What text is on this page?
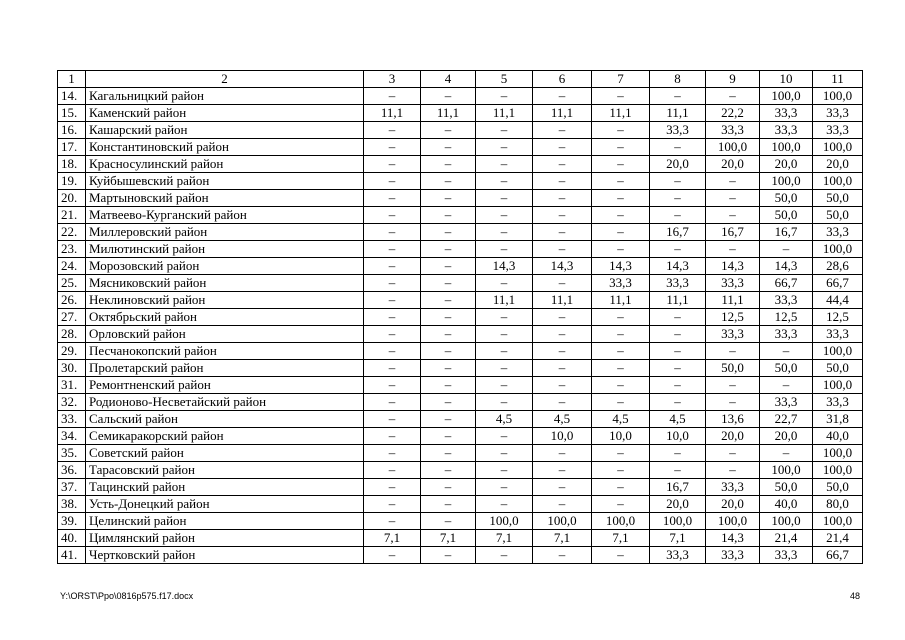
1	2	3	4	5	6	7	8	9	10	11
14.	Кагальницкий район	–	–	–	–	–	–	–	100,0	100,0
15.	Каменский район	11,1	11,1	11,1	11,1	11,1	11,1	22,2	33,3	33,3
16.	Кашарский район	–	–	–	–	–	33,3	33,3	33,3	33,3
17.	Константиновский район	–	–	–	–	–	–	100,0	100,0	100,0
18.	Красносулинский район	–	–	–	–	–	20,0	20,0	20,0	20,0
19.	Куйбышевский район	–	–	–	–	–	–	–	100,0	100,0
20.	Мартыновский район	–	–	–	–	–	–	–	50,0	50,0
21.	Матвеево-Курганский район	–	–	–	–	–	–	–	50,0	50,0
22.	Миллеровский район	–	–	–	–	–	16,7	16,7	16,7	33,3
23.	Милютинский район	–	–	–	–	–	–	–	–	100,0
24.	Морозовский район	–	–	14,3	14,3	14,3	14,3	14,3	14,3	28,6
25.	Мясниковский район	–	–	–	–	33,3	33,3	33,3	66,7	66,7
26.	Неклиновский район	–	–	11,1	11,1	11,1	11,1	11,1	33,3	44,4
27.	Октябрьский район	–	–	–	–	–	–	12,5	12,5	12,5
28.	Орловский район	–	–	–	–	–	–	33,3	33,3	33,3
29.	Песчанокопский район	–	–	–	–	–	–	–	–	100,0
30.	Пролетарский район	–	–	–	–	–	–	50,0	50,0	50,0
31.	Ремонтненский район	–	–	–	–	–	–	–	–	100,0
32.	Родионово-Несветайский район	–	–	–	–	–	–	–	33,3	33,3
33.	Сальский район	–	–	4,5	4,5	4,5	4,5	13,6	22,7	31,8
34.	Семикаракорский район	–	–	–	10,0	10,0	10,0	20,0	20,0	40,0
35.	Советский район	–	–	–	–	–	–	–	–	100,0
36.	Тарасовский район	–	–	–	–	–	–	–	100,0	100,0
37.	Тацинский район	–	–	–	–	–	16,7	33,3	50,0	50,0
38.	Усть-Донецкий район	–	–	–	–	–	20,0	20,0	40,0	80,0
39.	Целинский район	–	–	100,0	100,0	100,0	100,0	100,0	100,0	100,0
40.	Цимлянский район	7,1	7,1	7,1	7,1	7,1	7,1	14,3	21,4	21,4
41.	Чертковский район	–	–	–	–	–	33,3	33,3	33,3	66,7
Y:\ORST\Ppo\0816p575.f17.docx	48
